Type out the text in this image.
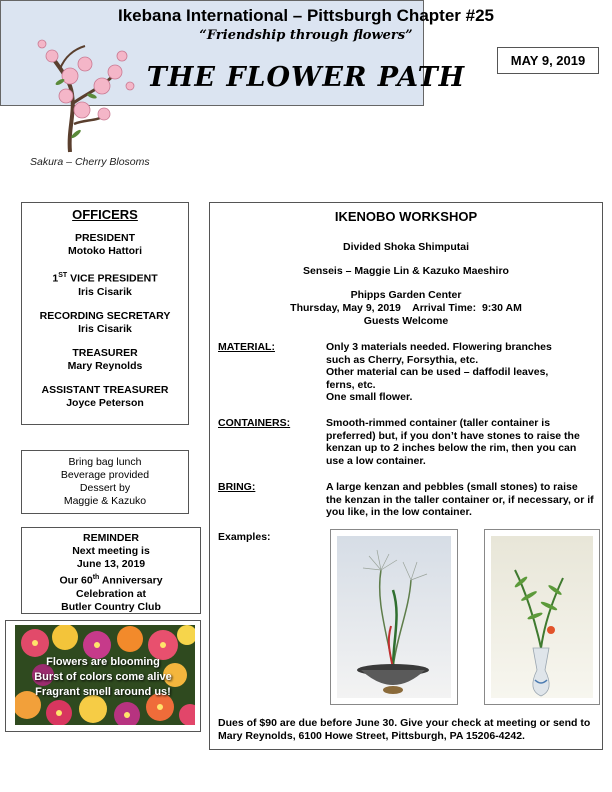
MAY 9, 2019
Sakura – Cherry Blosoms
Ikebana International – Pittsburgh Chapter #25
“Friendship through flowers”
THE FLOWER PATH
OFFICERS
PRESIDENT
Motoko Hattori
1ST VICE PRESIDENT
Iris Cisarik
RECORDING SECRETARY
Iris Cisarik
TREASURER
Mary Reynolds
ASSISTANT TREASURER
Joyce Peterson
Bring bag lunch
Beverage provided
Dessert by
Maggie & Kazuko
REMINDER
Next meeting is
June 13, 2019
Our 60th Anniversary
Celebration at
Butler Country Club
Flowers are blooming
Burst of colors come alive
Fragrant smell around us!
IKENOBO WORKSHOP
Divided Shoka Shimputai
Senseis – Maggie Lin & Kazuko Maeshiro
Phipps Garden Center
Thursday, May 9, 2019    Arrival Time:  9:30 AM
Guests Welcome
MATERIAL:	Only 3 materials needed. Flowering branches
such as Cherry, Forsythia, etc.
Other material can be used – daffodil leaves,
ferns, etc.
One small flower.
CONTAINERS:	Smooth-rimmed container (taller container is preferred) but, if you don’t have stones to raise the kenzan up to 2 inches below the rim, then you can use a low container.
BRING:	A large kenzan and pebbles (small stones) to raise the kenzan in the taller container or, if necessary, or if you like, in the low container.
Examples:
Dues of $90 are due before June 30. Give your check at meeting or send to Mary Reynolds, 6100 Howe Street, Pittsburgh, PA 15206-4242.
